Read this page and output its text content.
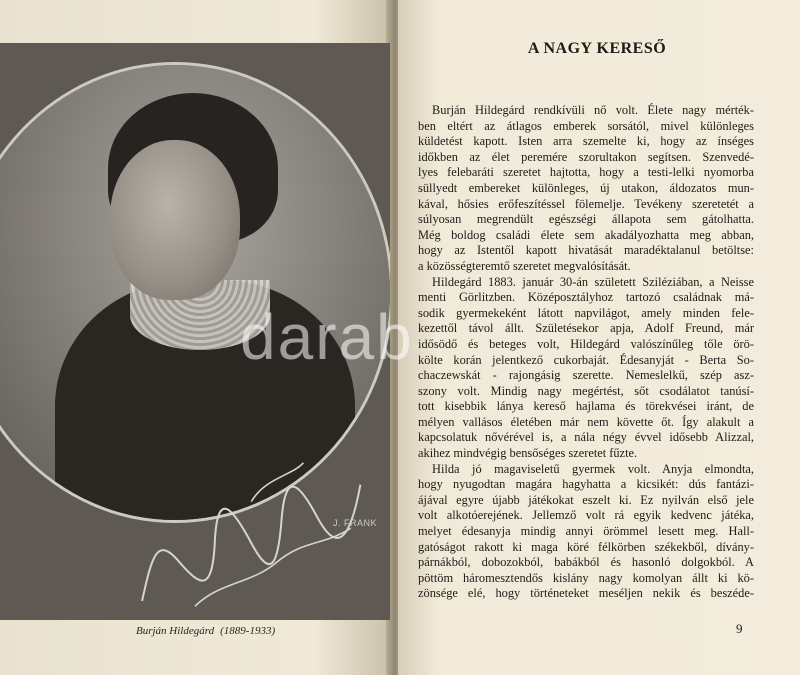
J. FRANK
Burján Hildegárd (1889-1933)
A NAGY KERESŐ
Burján Hildegárd rendkívüli nő volt. Élete nagy mérték-
ben eltért az átlagos emberek sorsától, mivel különleges
küldetést kapott. Isten arra szemelte ki, hogy az ínséges
időkben az élet peremére szorultakon segítsen. Szenvedé-
lyes felebaráti szeretet hajtotta, hogy a testi-lelki nyomorba
süllyedt embereket különleges, új utakon, áldozatos mun-
kával, hősies erőfeszítéssel fölemelje. Tevékeny szeretetét a
súlyosan megrendült egészségi állapota sem gátolhatta.
Még boldog családi élete sem akadályozhatta meg abban,
hogy az Istentől kapott hivatását maradéktalanul betöltse:
a közösségteremtő szeretet megvalósítását.
Hildegárd 1883. január 30-án született Sziléziában, a Neisse
menti Görlitzben. Középosztályhoz tartozó családnak má-
sodik gyermekeként látott napvilágot, amely minden fele-
kezettől távol állt. Születésekor apja, Adolf Freund, már
idősödő és beteges volt, Hildegárd valószínűleg tőle örö-
költe korán jelentkező cukorbaját. Édesanyját - Berta So-
chaczewskát - rajongásig szerette. Nemeslelkű, szép asz-
szony volt. Mindig nagy megértést, sőt csodálatot tanúsí-
tott kisebbik lánya kereső hajlama és törekvései iránt, de
mélyen vallásos életében már nem követte őt. Így alakult a
kapcsolatuk nővérével is, a nála négy évvel idősebb Alizzal,
akihez mindvégig bensőséges szeretet fűzte.
Hilda jó magaviseletű gyermek volt. Anyja elmondta,
hogy nyugodtan magára hagyhatta a kicsikét: dús fantázi-
ájával egyre újabb játékokat eszelt ki. Ez nyilván első jele
volt alkotóerejének. Jellemző volt rá egyik kedvenc játéka,
melyet édesanyja mindig annyi örömmel lesett meg. Hall-
gatóságot rakott ki maga köré félkörben székekből, dívány-
párnákból, dobozokból, babákból és hasonló dolgokból. A
pöttöm háromesztendős kislány nagy komolyan állt ki kö-
zönsége elé, hogy történeteket meséljen nekik és beszéde-
9
darab
